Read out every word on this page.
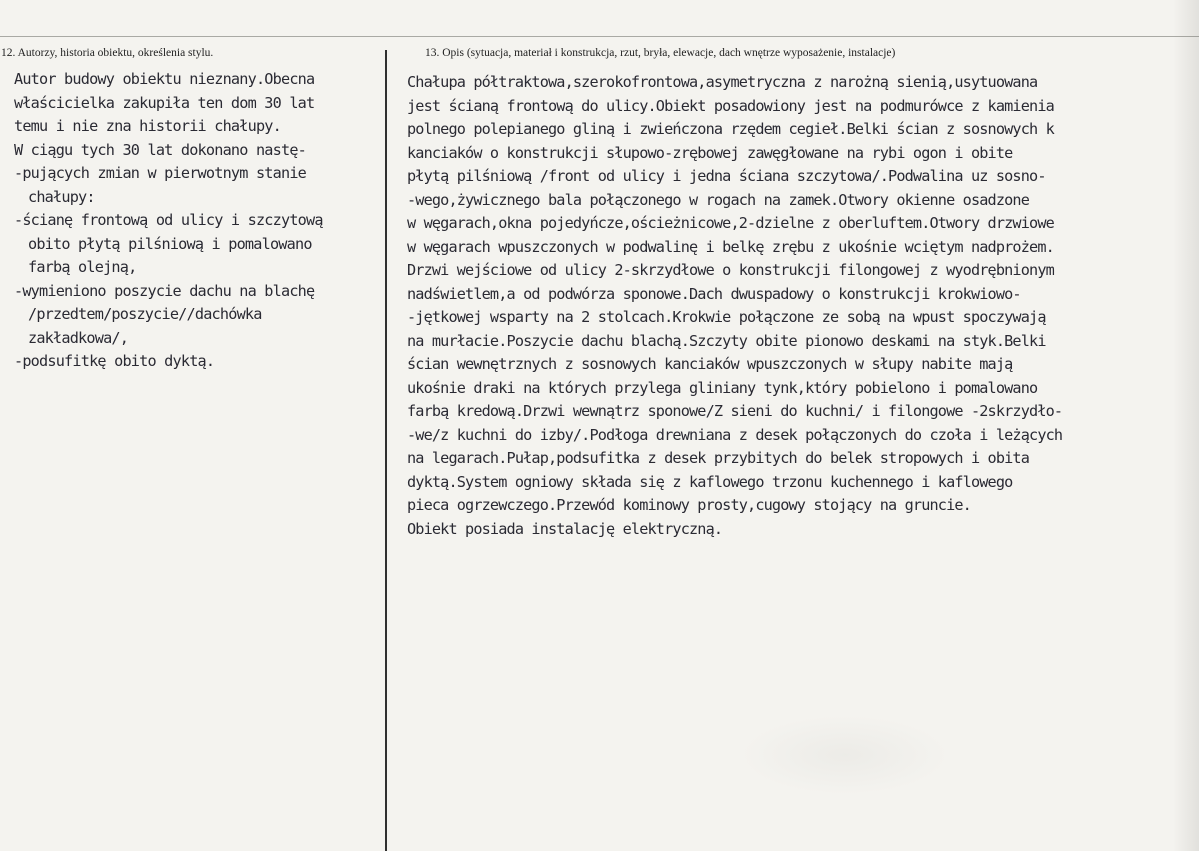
12. Autorzy, historia obiektu, określenia stylu.	13. Opis (sytuacja, materiał i konstrukcja, rzut, bryła, elewacje, dach wnętrze wyposażenie, instalacje)
Autor budowy obiektu nieznany.Obecna
właścicielka zakupiła ten dom 30 lat
temu i nie zna historii chałupy.
W ciągu tych 30 lat dokonano nastę-
-pujących zmian w pierwotnym stanie
chałupy:
-ścianę frontową od ulicy i szczytową
obito płytą pilśniową i pomalowano
farbą olejną,
-wymieniono poszycie dachu na blachę
/przedtem/poszycie//dachówka
zakładkowa/,
-podsufitkę obito dyktą.
Chałupa półtraktowa,szerokofrontowa,asymetryczna z narożną sienią,usytuowana
jest ścianą frontową do ulicy.Obiekt posadowiony jest na podmurówce z kamienia
polnego polepianego gliną i zwieńczona rzędem cegieł.Belki ścian z sosnowych k
kanciaków o konstrukcji słupowo-zrębowej zawęgłowane na rybi ogon i obite
płytą pilśniową /front od ulicy i jedna ściana szczytowa/.Podwalina uz sosno-
-wego,żywicznego bala połączonego w rogach na zamek.Otwory okienne osadzone
w węgarach,okna pojedyńcze,ościeżnicowe,2-dzielne z oberluftem.Otwory drzwiowe
w węgarach wpuszczonych w podwalinę i belkę zrębu z ukośnie wciętym nadprożem.
Drzwi wejściowe od ulicy 2-skrzydłowe o konstrukcji filongowej z wyodrębnionym
nadświetlem,a od podwórza sponowe.Dach dwuspadowy o konstrukcji krokwiowo-
-jętkowej wsparty na 2 stolcach.Krokwie połączone ze sobą na wpust spoczywają
na murłacie.Poszycie dachu blachą.Szczyty obite pionowo deskami na styk.Belki
ścian wewnętrznych z sosnowych kanciaków wpuszczonych w słupy nabite mają
ukośnie draki na których przylega gliniany tynk,który pobielono i pomalowano
farbą kredową.Drzwi wewnątrz sponowe/Z sieni do kuchni/ i filongowe -2skrzydło-
-we/z kuchni do izby/.Podłoga drewniana z desek połączonych do czoła i leżących
na legarach.Pułap,podsufitka z desek przybitych do belek stropowych i obita
dyktą.System ogniowy składa się z kaflowego trzonu kuchennego i kaflowego
pieca ogrzewczego.Przewód kominowy prosty,cugowy stojący na gruncie.
Obiekt posiada instalację elektryczną.
